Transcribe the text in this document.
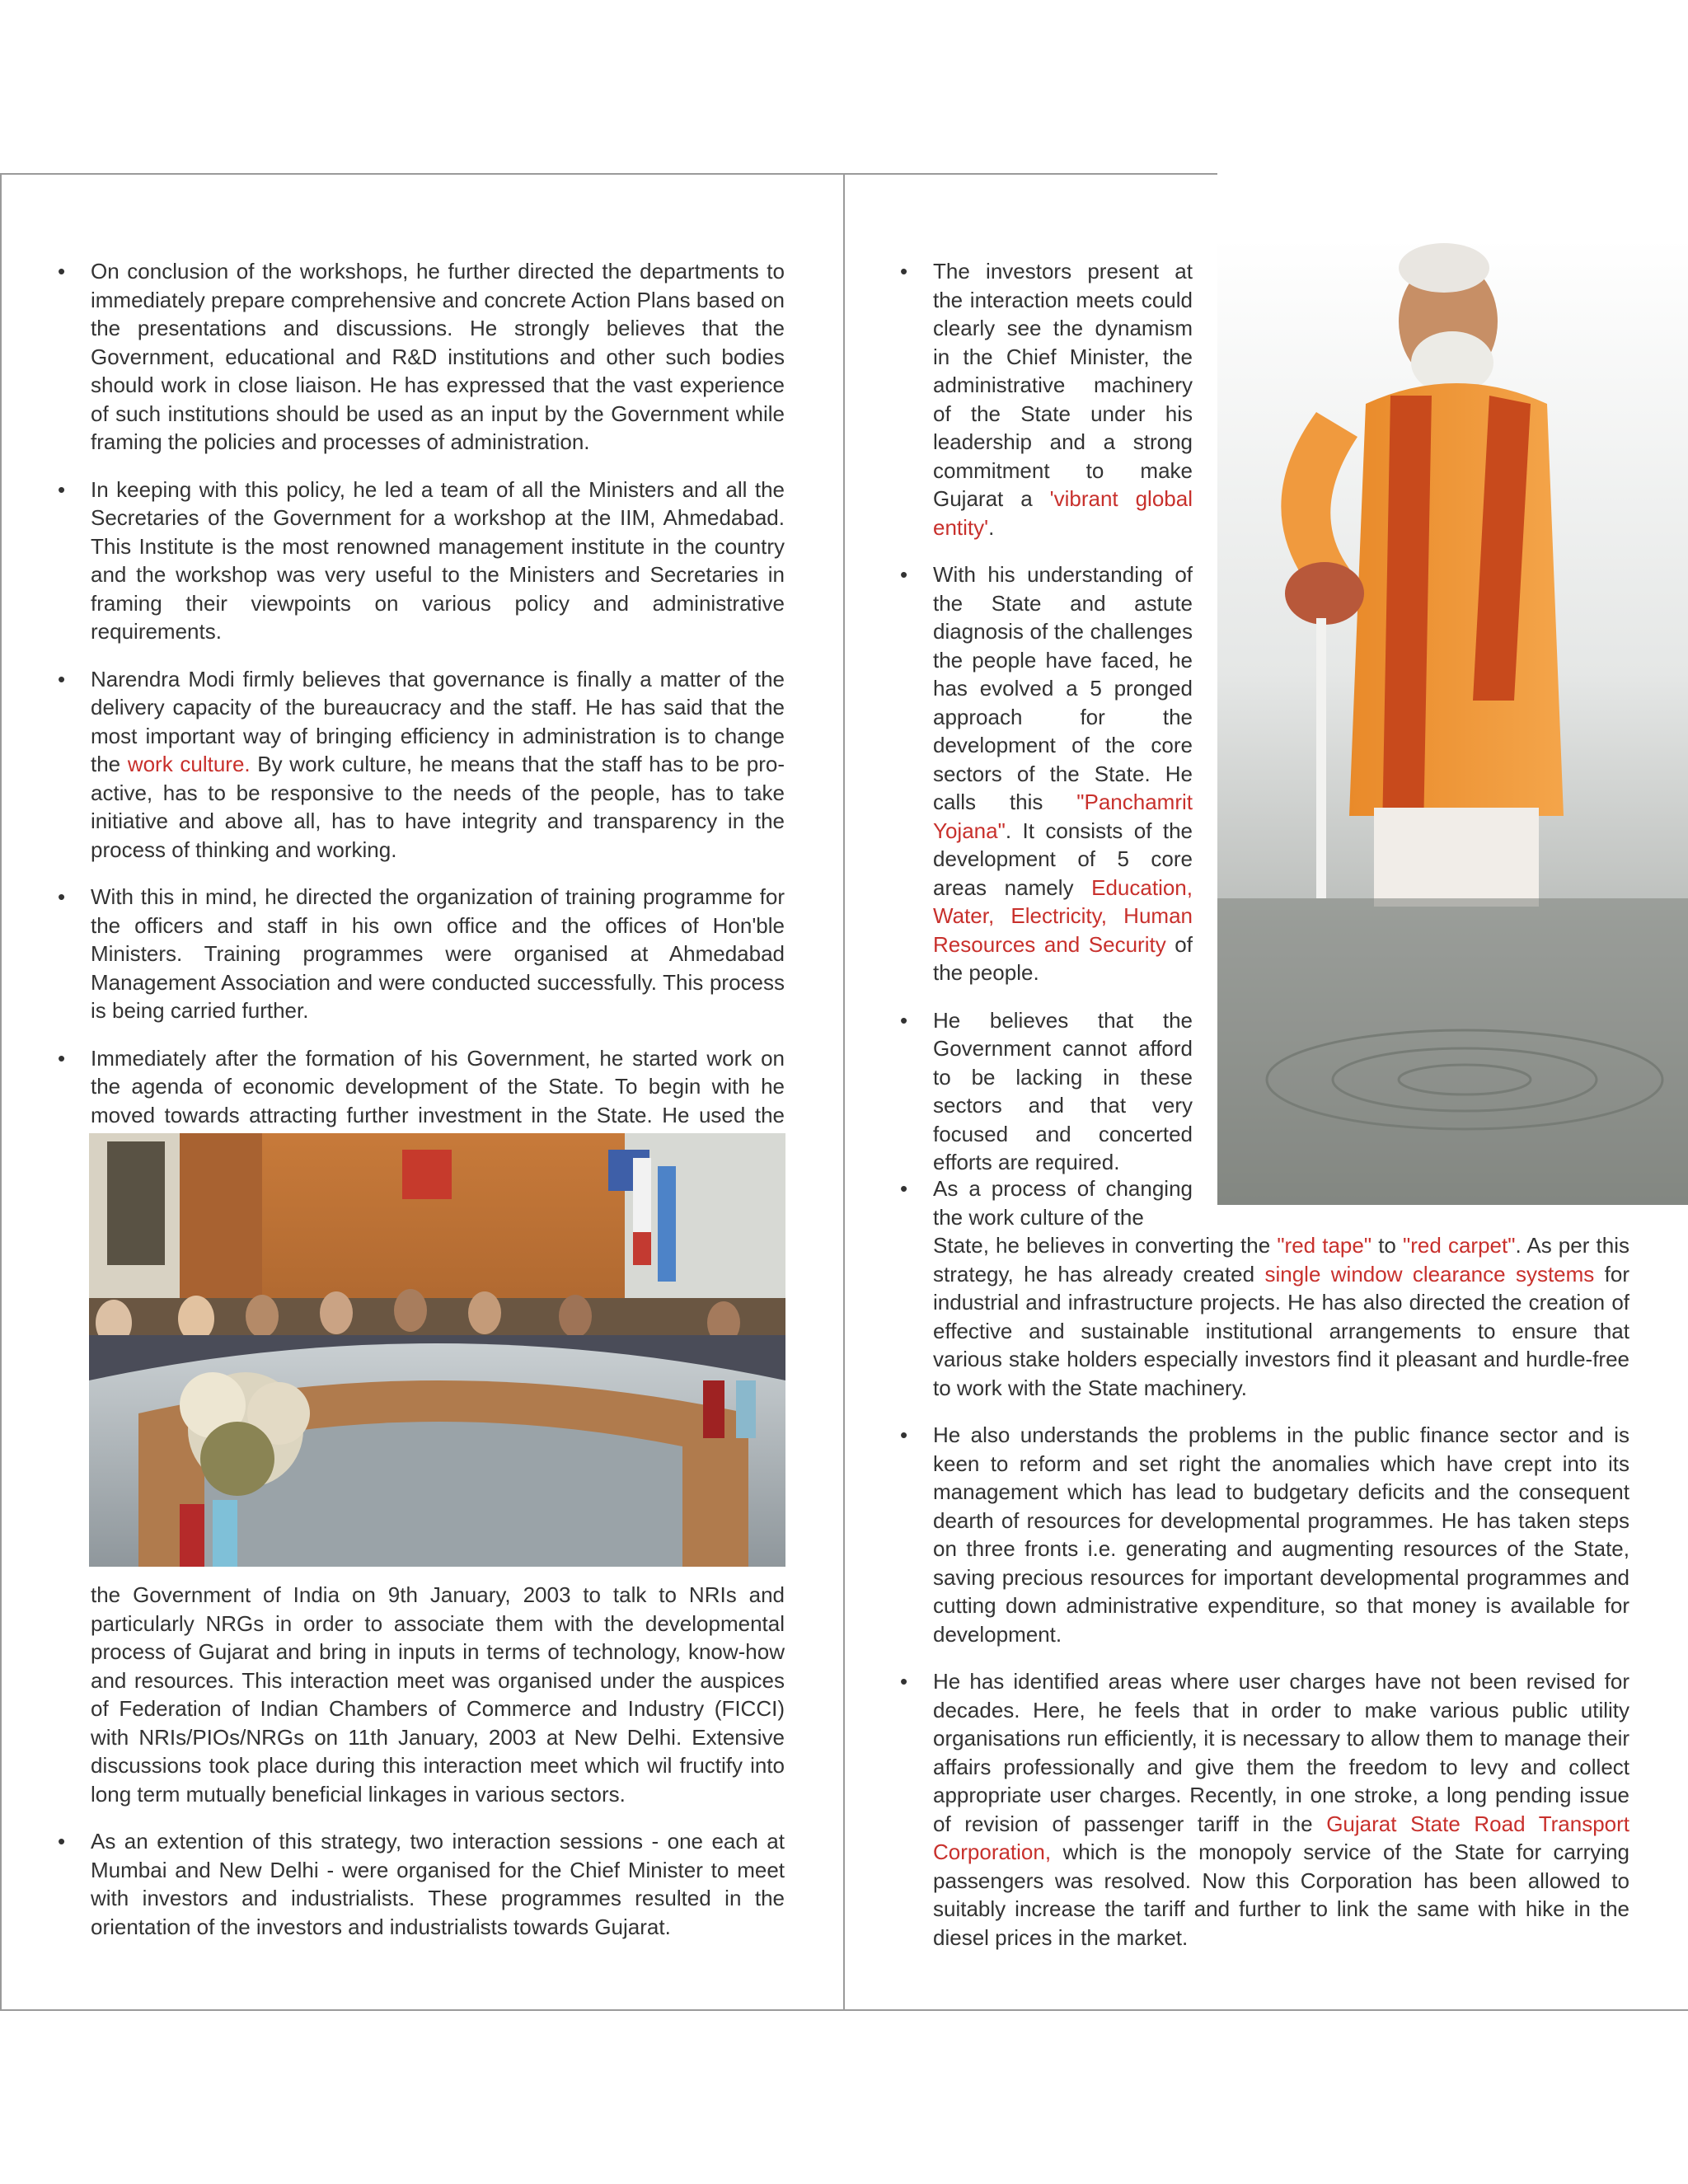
• On conclusion of the workshops, he further directed the departments to immediately prepare comprehensive and concrete Action Plans based on the presentations and discussions. He strongly believes that the Government, educational and R&D institutions and other such bodies should work in close liaison. He has expressed that the vast experience of such institutions should be used as an input by the Government while framing the policies and processes of administration.
• In keeping with this policy, he led a team of all the Ministers and all the Secretaries of the Government for a workshop at the IIM, Ahmedabad. This Institute is the most renowned management institute in the country and the workshop was very useful to the Ministers and Secretaries in framing their viewpoints on various policy and administrative requirements.
• Narendra Modi firmly believes that governance is finally a matter of the delivery capacity of the bureaucracy and the staff. He has said that the most important way of bringing efficiency in administration is to change the work culture. By work culture, he means that the staff has to be pro-active, has to be responsive to the needs of the people, has to take initiative and above all, has to have integrity and transparency in the process of thinking and working.
• With this in mind, he directed the organization of training programme for the officers and staff in his own office and the offices of Hon'ble Ministers. Training programmes were organised at Ahmedabad Management Association and were conducted successfully. This process is being carried further.
• Immediately after the formation of his Government, he started work on the agenda of economic development of the State. To begin with he moved towards attracting further investment in the State. He used the
the Government of India on 9th January, 2003 to talk to NRIs and particularly NRGs in order to associate them with the developmental process of Gujarat and bring in inputs in terms of technology, know-how and resources. This interaction meet was organised under the auspices of Federation of Indian Chambers of Commerce and Industry (FICCI) with NRIs/PIOs/NRGs on 11th January, 2003 at New Delhi. Extensive discussions took place during this interaction meet which wil fructify into long term mutually beneficial linkages in various sectors.
• As an extention of this strategy, two interaction sessions - one each at Mumbai and New Delhi - were organised for the Chief Minister to meet with investors and industrialists. These programmes resulted in the orientation of the investors and industrialists towards Gujarat.
• The investors present at the interaction meets could clearly see the dynamism in the Chief Minister, the administrative machinery of the State under his leadership and a strong commitment to make Gujarat a 'vibrant global entity'.
• With his understanding of the State and astute diagnosis of the challenges the people have faced, he has evolved a 5 pronged approach for the development of the core sectors of the State. He calls this "Panchamrit Yojana". It consists of the development of 5 core areas namely Education, Water, Electricity, Human Resources and Security of the people.
• He believes that the Government cannot afford to be lacking in these sectors and that very focused and concerted efforts are required.
• As a process of changing the work culture of the
State, he believes in converting the "red tape" to "red carpet". As per this strategy, he has already created single window clearance systems for industrial and infrastructure projects. He has also directed the creation of effective and sustainable institutional arrangements to ensure that various stake holders especially investors find it pleasant and hurdle-free to work with the State machinery.
• He also understands the problems in the public finance sector and is keen to reform and set right the anomalies which have crept into its management which has lead to budgetary deficits and the consequent dearth of resources for developmental programmes. He has taken steps on three fronts i.e. generating and augmenting resources of the State, saving precious resources for important developmental programmes and cutting down administrative expenditure, so that money is available for development.
• He has identified areas where user charges have not been revised for decades. Here, he feels that in order to make various public utility organisations run efficiently, it is necessary to allow them to manage their affairs professionally and give them the freedom to levy and collect appropriate user charges. Recently, in one stroke, a long pending issue of revision of passenger tariff in the Gujarat State Road Transport Corporation, which is the monopoly service of the State for carrying passengers was resolved. Now this Corporation has been allowed to suitably increase the tariff and further to link the same with hike in the diesel prices in the market.
